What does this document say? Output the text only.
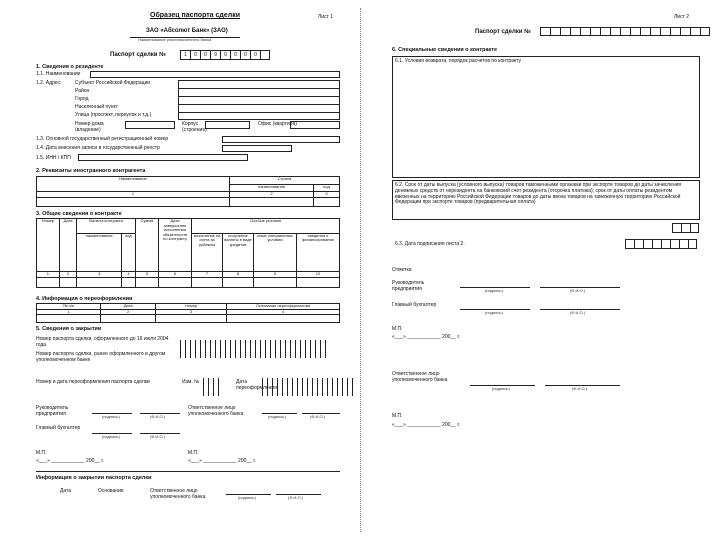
Образец паспорта сделки	Лист 1
ЗАО «Абсолют Банк» (ЗАО)
Наименование уполномоченного банка
Паспорт сделки №	1	0	0	9	0	0	0	0
1. Сведения о резиденте
1.1. Наименование
1.2. Адрес:	Субъект Российской Федерации
Район
Город
Населенный пункт
Улица (проспект, переулок и т.д.)
Номер дома (владение)
Корпус (строение)
Офис (квартира)
1.3. Основной государственный регистрационный номер
1.4. Дата внесения записи в государственный реестр
1.5. ИНН / КПП
2. Реквизиты иностранного контрагента
Наименование	Страна	
	наименование	код
1	2	3

3. Общие сведения о контракте
Номер	Дата	Валюта контракта		Сумма	Дата завершения исполнения обязательств по контракту	Особые условия			
		наименование	код			зачисление на счета за рубежом	получение валюты в виде кредитов	иные специальные условия	сведения о финансировании
1	2	3	4	5	6	7	8	9	10

4. Информация о переоформлении
№ п/п	Дата	Номер	Основание переоформления
1	2	3	4

5. Сведения о закрытии
Номер паспорта сделки, оформленного до 16 июля 2004 года
Номер паспорта сделки, ранее оформленного в другом уполномоченном банке
Номер и дата переоформления паспорта сделки	Изм. №	Дата переоформления
Руководитель предприятия	(подпись)	(Ф.И.О.)
Главный бухгалтер
(подпись)	(Ф.И.О.)
Ответственное лицо уполномоченного банка	(подпись)	(Ф.И.О.)
М.П.
«___» ____________ 200__ г.
М.П.
«___» ____________ 200__ г.
Информация о закрытии паспорта сделки
Дата	Основание	Ответственное лицо уполномоченного банка	(подпись)	(Ф.И.О.)
Лист 2
Паспорт сделки №
6. Специальные сведения о контракте
6.1. Условия возврата, порядок расчетов по контракту
6.2. Срок от даты выпуска (условного выпуска) товаров таможенными органами при экспорте товаров до даты зачисления денежных средств от нерезидента на банковский счет резидента (отсрочка платежа); срок от даты оплаты резидентом ввезенных на территорию Российской Федерации товаров до даты ввоза товаров на таможенную территорию Российской Федерации при экспорте товаров (предварительная оплата)
6.3. Дата подписания листа 2.
Отметки
Руководитель предприятия	(подпись)	(Ф.И.О.)
Главный бухгалтер
(подпись)	(Ф.И.О.)
М.П.
«___» ____________ 200__ г.
Ответственное лицо уполномоченного банка
(подпись)	(Ф.И.О.)
М.П.
«___» ____________ 200__ г.
